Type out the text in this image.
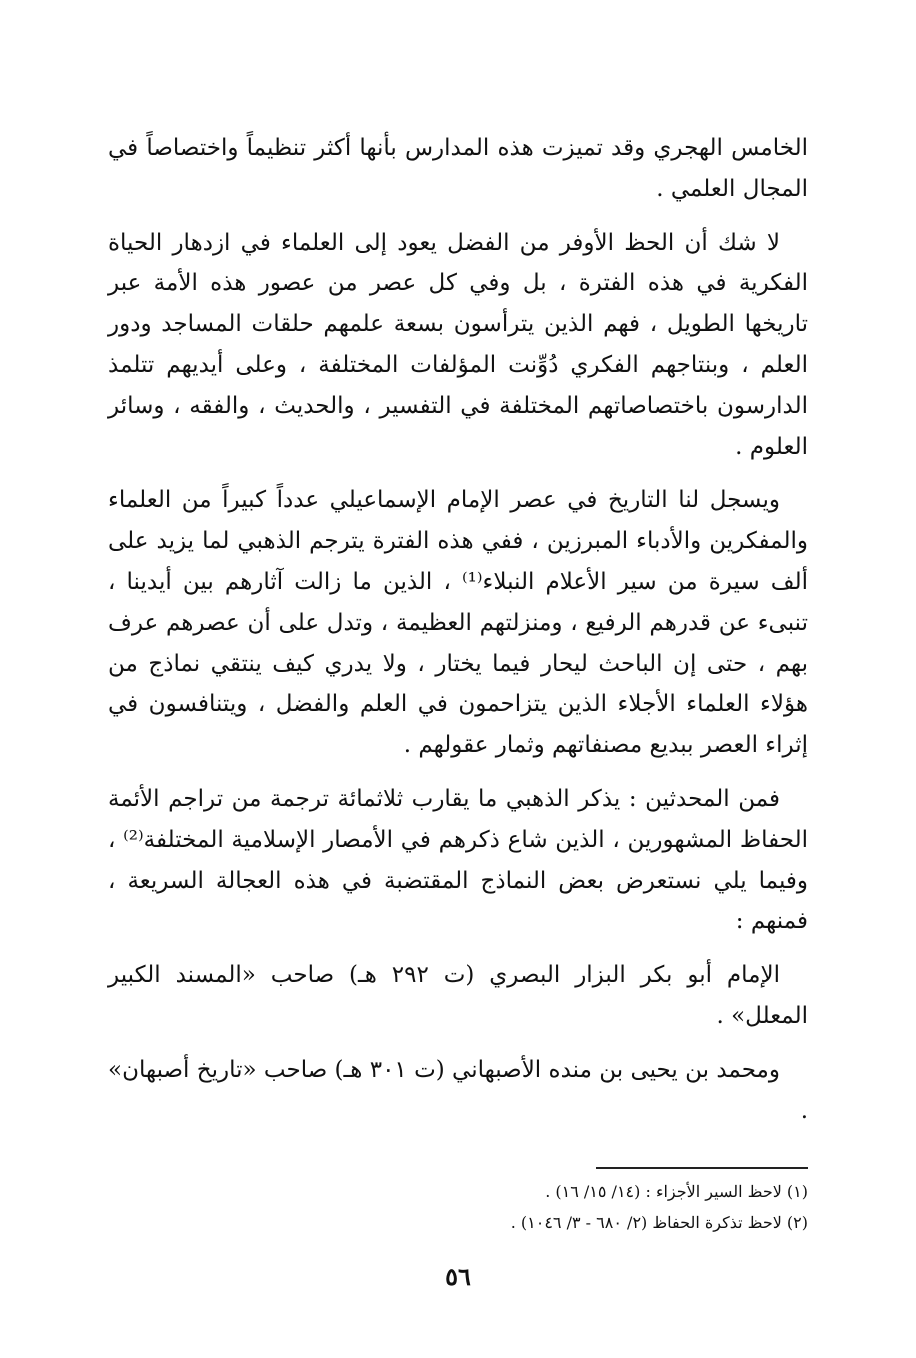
الخامس الهجري وقد تميزت هذه المدارس بأنها أكثر تنظيماً واختصاصاً في المجال العلمي .

لا شك أن الحظ الأوفر من الفضل يعود إلى العلماء في ازدهار الحياة الفكرية في هذه الفترة ، بل وفي كل عصر من عصور هذه الأمة عبر تاريخها الطويل ، فهم الذين يترأسون بسعة علمهم حلقات المساجد ودور العلم ، وبنتاجهم الفكري دُوِّنت المؤلفات المختلفة ، وعلى أيديهم تتلمذ الدارسون باختصاصاتهم المختلفة في التفسير ، والحديث ، والفقه ، وسائر العلوم .

ويسجل لنا التاريخ في عصر الإمام الإسماعيلي عدداً كبيراً من العلماء والمفكرين والأدباء المبرزين ، ففي هذه الفترة يترجم الذهبي لما يزيد على ألف سيرة من سير الأعلام النبلاء⁽¹⁾ ، الذين ما زالت آثارهم بين أيدينا ، تنبىء عن قدرهم الرفيع ، ومنزلتهم العظيمة ، وتدل على أن عصرهم عرف بهم ، حتى إن الباحث ليحار فيما يختار ، ولا يدري كيف ينتقي نماذج من هؤلاء العلماء الأجلاء الذين يتزاحمون في العلم والفضل ، ويتنافسون في إثراء العصر ببديع مصنفاتهم وثمار عقولهم .

فمن المحدثين : يذكر الذهبي ما يقارب ثلاثمائة ترجمة من تراجم الأئمة الحفاظ المشهورين ، الذين شاع ذكرهم في الأمصار الإسلامية المختلفة⁽²⁾ ، وفيما يلي نستعرض بعض النماذج المقتضبة في هذه العجالة السريعة ، فمنهم :

الإمام أبو بكر البزار البصري (ت ٢٩٢ هـ) صاحب «المسند الكبير المعلل» .

ومحمد بن يحيى بن منده الأصبهاني (ت ٣٠١ هـ) صاحب «تاريخ أصبهان» .

(١) لاحظ السير الأجزاء : (١٤/ ١٥/ ١٦) .
(٢) لاحظ تذكرة الحفاظ (٢/ ٦٨٠ - ٣/ ١٠٤٦) .
٥٦
